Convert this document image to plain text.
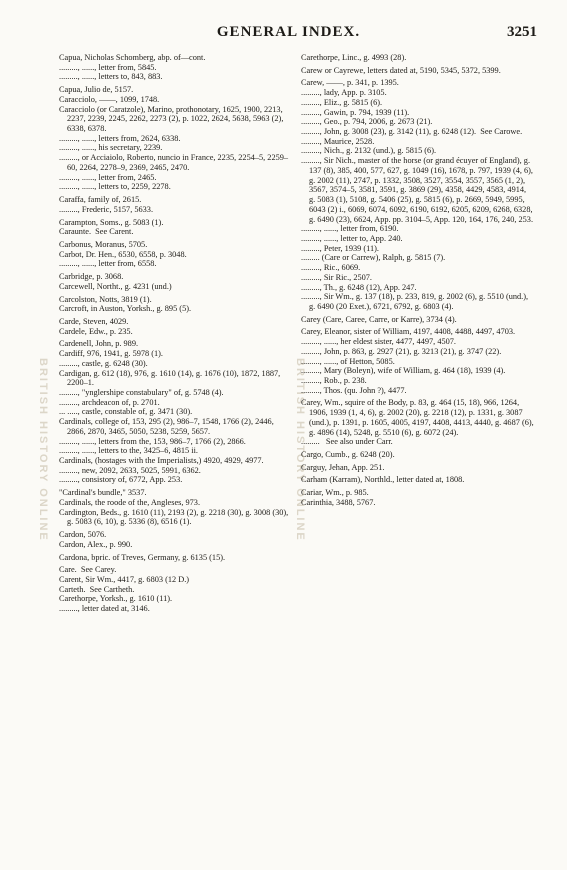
GENERAL INDEX.	3251
BRITISH HISTORY ONLINE	BRITISH HISTORY ONLINE
Capua, Nicholas Schomberg, abp. of—cont.
........., ......, letter from, 5845.
........., ......, letters to, 843, 883.
Capua, Julio de, 5157.
Caracciolo, ——, 1099, 1748.
Caracciolo (or Caratzole), Marino, prothonotary, 1625, 1900, 2213, 2237, 2239, 2245, 2262, 2273 (2), p. 1022, 2624, 5638, 5963 (2), 6338, 6378.
........., ......, letters from, 2624, 6338.
........., ......, his secretary, 2239.
........., or Acciaiolo, Roberto, nuncio in France, 2235, 2254–5, 2259–60, 2264, 2278–9, 2369, 2465, 2470.
........., ......, letter from, 2465.
........., ......, letters to, 2259, 2278.
Caraffa, family of, 2615.
........., Frederic, 5157, 5633.
Carampton, Soms., g. 5083 (1).
Caraunte.  See Carent.
Carbonus, Moranus, 5705.
Carbot, Dr. Hen., 6530, 6558, p. 3048.
........., ......, letter from, 6558.
Carbridge, p. 3068.
Carcewell, Northt., g. 4231 (und.)
Carcolston, Notts, 3819 (1).
Carcroft, in Auston, Yorksh., g. 895 (5).
Carde, Steven, 4029.
Cardele, Edw., p. 235.
Cardenell, John, p. 989.
Cardiff, 976, 1941, g. 5978 (1).
........., castle, g. 6248 (30).
Cardigan, g. 612 (18), 976, g. 1610 (14), g. 1676 (10), 1872, 1887, 2200–1.
........., "ynglershipe constabulary" of, g. 5748 (4).
........., archdeacon of, p. 2701.
... ....., castle, constable of, g. 3471 (30).
Cardinals, college of, 153, 295 (2), 986–7, 1548, 1766 (2), 2446, 2866, 2870, 3465, 5050, 5238, 5259, 5657.
........., ......, letters from the, 153, 986–7, 1766 (2), 2866.
........., ......, letters to the, 3425–6, 4815 ii.
Cardinals, (hostages with the Imperialists,) 4920, 4929, 4977.
........., new, 2092, 2633, 5025, 5991, 6362.
........., consistory of, 6772, App. 253.
"Cardinal's bundle," 3537.
Cardinals, the roode of the, Angleses, 973.
Cardington, Beds., g. 1610 (11), 2193 (2), g. 2218 (30), g. 3008 (30), g. 5083 (6, 10), g. 5336 (8), 6516 (1).
Cardon, 5076.
Cardon, Alex., p. 990.
Cardona, bpric. of Treves, Germany, g. 6135 (15).
Care.  See Carey.
Carent, Sir Wm., 4417, g. 6803 (12 D.)
Carteth.  See Cartheth.
Carethorpe, Yorksh., g. 1610 (11).
........., letter dated at, 3146.
Carethorpe, Linc., g. 4993 (28).
Carew or Cayrewe, letters dated at, 5190, 5345, 5372, 5399.
Carew, ——, p. 341, p. 1395.
........., lady, App. p. 3105.
........., Eliz., g. 5815 (6).
........., Gawin, p. 794, 1939 (11).
........., Geo., p. 794, 2006, g. 2673 (21).
........., John, g. 3008 (23), g. 3142 (11), g. 6248 (12).  See Carowe.
........., Maurice, 2528.
........., Nich., g. 2132 (und.), g. 5815 (6).
........., Sir Nich., master of the horse (or grand écuyer of England), g. 137 (8), 385, 400, 577, 627, g. 1049 (16), 1678, p. 797, 1939 (4, 6), g. 2002 (11), 2747, p. 1332, 3508, 3527, 3554, 3557, 3565 (1, 2), 3567, 3574–5, 3581, 3591, g. 3869 (29), 4358, 4429, 4583, 4914, g. 5083 (1), 5108, g. 5406 (25), g. 5815 (6), p. 2669, 5949, 5995, 6043 (2) i., 6069, 6074, 6092, 6190, 6192, 6205, 6209, 6268, 6328, g. 6490 (23), 6624, App. pp. 3104–5, App. 120, 164, 176, 240, 253.
........., ......, letter from, 6190.
........., ......, letter to, App. 240.
........., Peter, 1939 (11).
......... (Care or Carrew), Ralph, g. 5815 (7).
........., Ric., 6069.
........., Sir Ric., 2507.
........., Th., g. 6248 (12), App. 247.
........., Sir Wm., g. 137 (18), p. 233, 819, g. 2002 (6), g. 5510 (und.), g. 6490 (20 Exet.), 6721, 6792, g. 6803 (4).
Carey (Care, Caree, Carre, or Karre), 3734 (4).
Carey, Eleanor, sister of William, 4197, 4408, 4488, 4497, 4703.
........., ......, her eldest sister, 4477, 4497, 4507.
........., John, p. 863, g. 2927 (21), g. 3213 (21), g. 3747 (22).
........., ......, of Hetton, 5085.
........., Mary (Boleyn), wife of William, g. 464 (18), 1939 (4).
........., Rob., p. 238.
........., Thos. (qu. John ?), 4477.
Carey, Wm., squire of the Body, p. 83, g. 464 (15, 18), 966, 1264, 1906, 1939 (1, 4, 6), g. 2002 (20), g. 2218 (12), p. 1331, g. 3087 (und.), p. 1391, p. 1605, 4005, 4197, 4408, 4413, 4440, g. 4687 (6), g. 4896 (14), 5248, g. 5510 (6), g. 6072 (24).
.........   See also under Carr.
Cargo, Cumb., g. 6248 (20).
Carguy, Jehan, App. 251.
Carham (Karram), Northld., letter dated at, 1808.
Cariar, Wm., p. 985.
Carinthia, 3488, 5767.
